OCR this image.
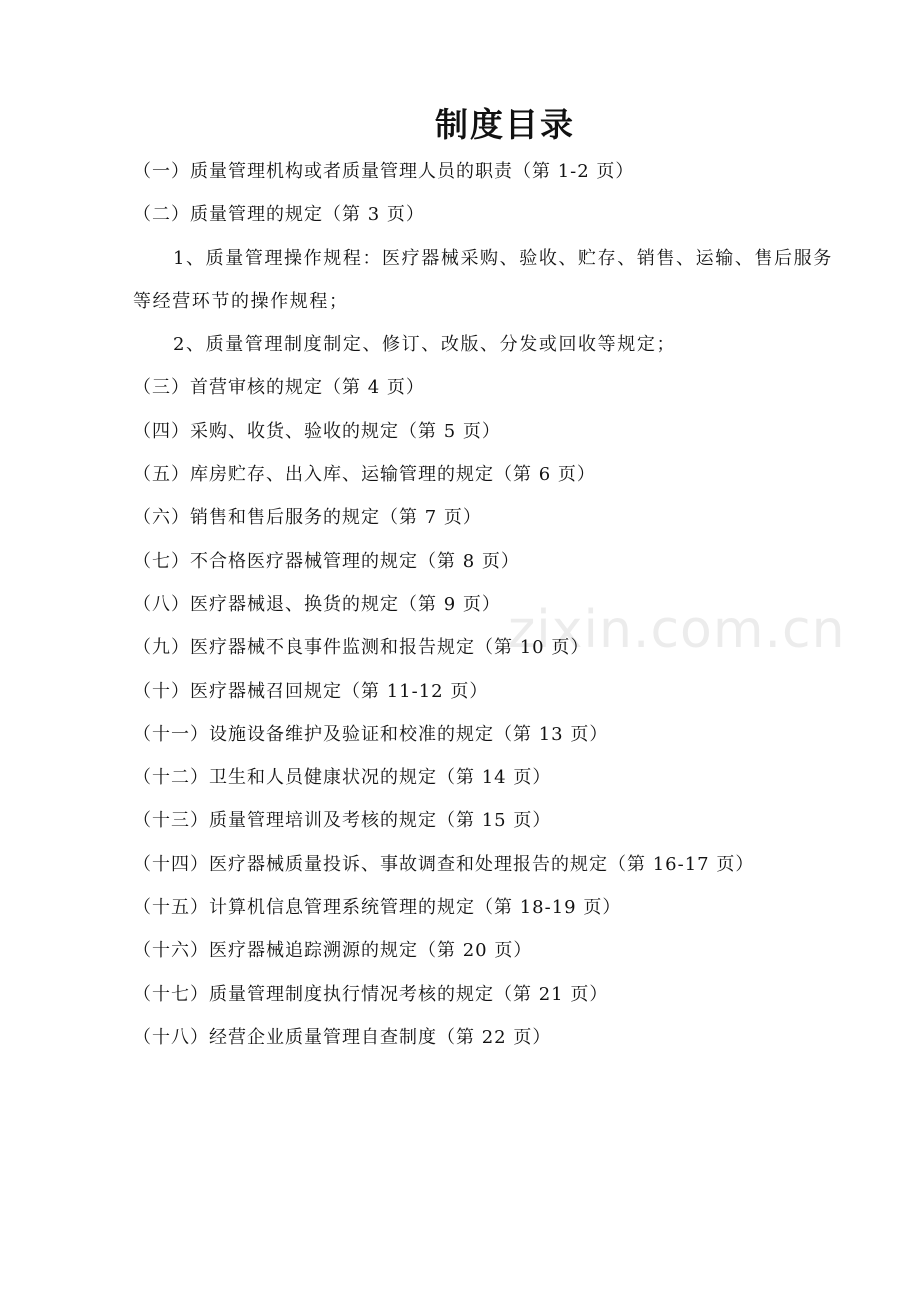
zixin.com.cn
制度目录
（一）质量管理机构或者质量管理人员的职责（第 1-2 页）
（二）质量管理的规定（第 3 页）
1、质量管理操作规程：医疗器械采购、验收、贮存、销售、运输、售后服务等经营环节的操作规程；
2、质量管理制度制定、修订、改版、分发或回收等规定；
（三）首营审核的规定（第 4 页）
（四）采购、收货、验收的规定（第 5 页）
（五）库房贮存、出入库、运输管理的规定（第 6 页）
（六）销售和售后服务的规定（第 7 页）
（七）不合格医疗器械管理的规定（第 8 页）
（八）医疗器械退、换货的规定（第 9 页）
（九）医疗器械不良事件监测和报告规定（第 10 页）
（十）医疗器械召回规定（第 11-12 页）
（十一）设施设备维护及验证和校准的规定（第 13 页）
（十二）卫生和人员健康状况的规定（第 14 页）
（十三）质量管理培训及考核的规定（第 15 页）
（十四）医疗器械质量投诉、事故调查和处理报告的规定（第 16-17 页）
（十五）计算机信息管理系统管理的规定（第 18-19 页）
（十六）医疗器械追踪溯源的规定（第 20 页）
（十七）质量管理制度执行情况考核的规定（第 21 页）
（十八）经营企业质量管理自查制度（第 22 页）
